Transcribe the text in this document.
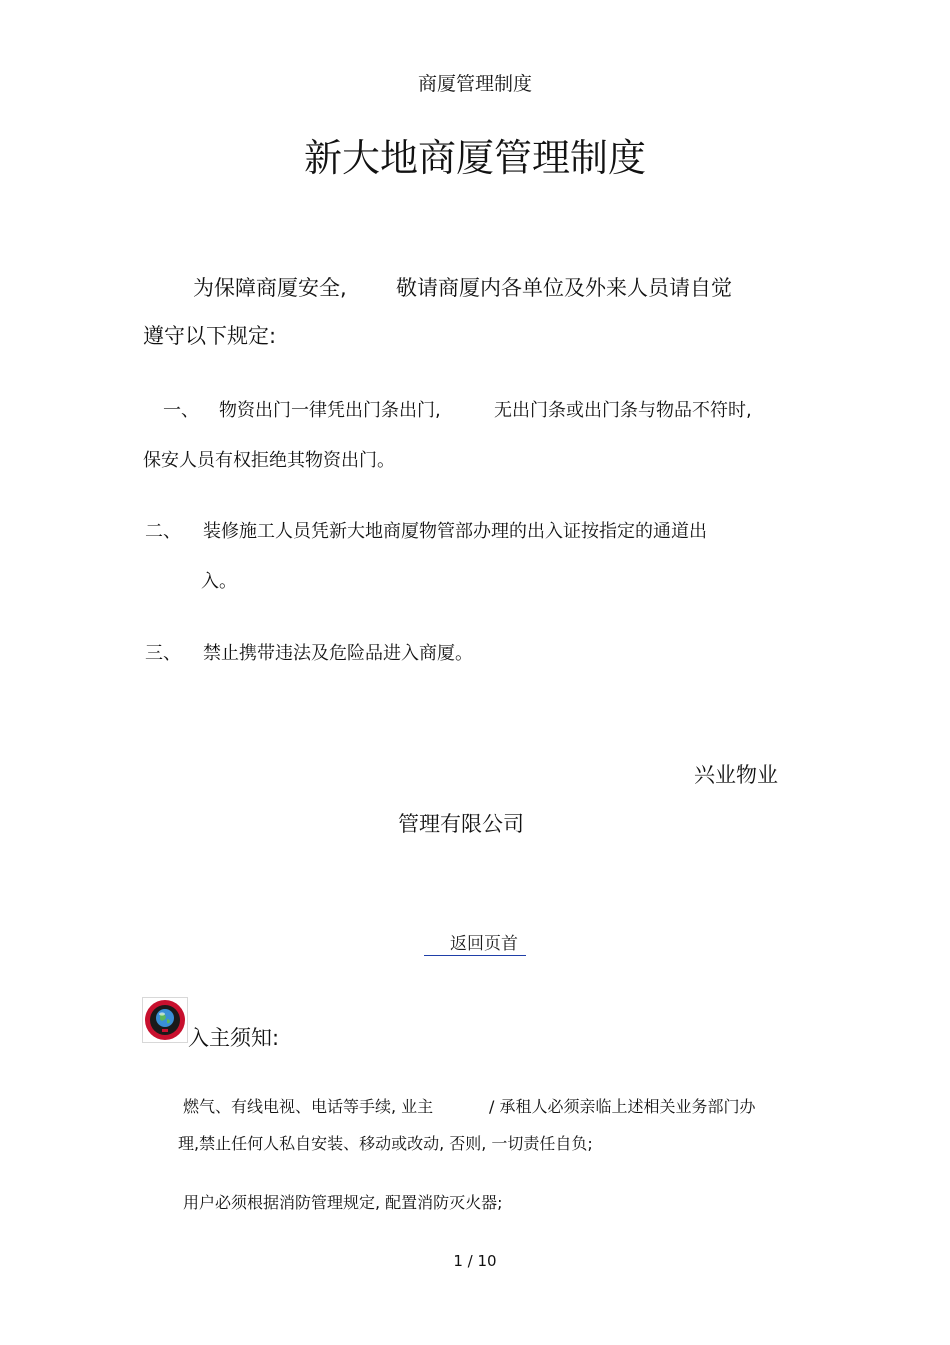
商厦管理制度
新大地商厦管理制度
为保障商厦安全, 敬请商厦内各单位及外来人员请自觉
遵守以下规定:
一、 物资出门一律凭出门条出门,	无出门条或出门条与物品不符时,
保安人员有权拒绝其物资出门。
二、 装修施工人员凭新大地商厦物管部办理的出入证按指定的通道出
入。
三、 禁止携带违法及危险品进入商厦。
兴业物业
管理有限公司
返回页首
入主须知:
燃气、有线电视、电话等手续, 业主	/ 承租人必须亲临上述相关业务部门办
理,禁止任何人私自安装、移动或改动, 否则, 一切责任自负;
用户必须根据消防管理规定, 配置消防灭火器;
1 / 10
